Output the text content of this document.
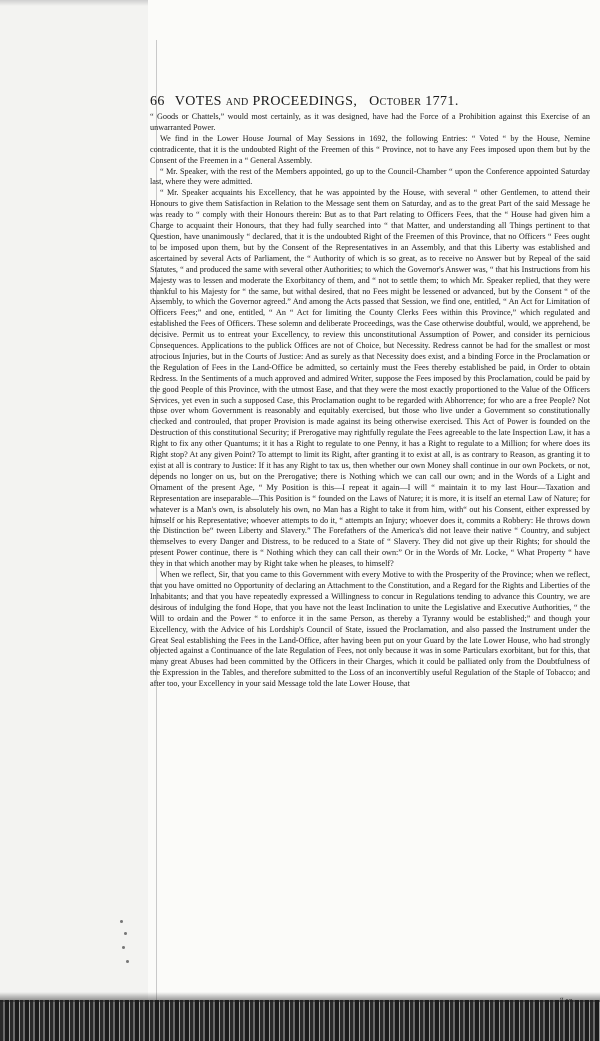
66 VOTES and PROCEEDINGS, October 1771.

“ Goods or Chattels,” would most certainly, as it was designed, have had the Force of a Prohibition against this Exercise of an unwarranted Power.

We find in the Lower House Journal of May Sessions in 1692, the following Entries: “ Voted “ by the House, Nemine contradicente, that it is the undoubted Right of the Freemen of this “ Province, not to have any Fees imposed upon them but by the Consent of the Freemen in a “ General Assembly.

“ Mr. Speaker, with the rest of the Members appointed, go up to the Council-Chamber “ upon the Conference appointed Saturday last, where they were admitted.

“ Mr. Speaker acquaints his Excellency, that he was appointed by the House, with several “ other Gentlemen, to attend their Honours to give them Satisfaction in Relation to the Message sent them on Saturday, and as to the great Part of the said Message he was ready to “ comply with their Honours therein: But as to that Part relating to Officers Fees, that the “ House had given him a Charge to acquaint their Honours, that they had fully searched into “ that Matter, and understanding all Things pertinent to that Question, have unanimously “ declared, that it is the undoubted Right of the Freemen of this Province, that no Officers “ Fees ought to be imposed upon them, but by the Consent of the Representatives in an Assembly, and that this Liberty was established and ascertained by several Acts of Parliament, the “ Authority of which is so great, as to receive no Answer but by Repeal of the said Statutes, “ and produced the same with several other Authorities; to which the Governor's Answer was, “ that his Instructions from his Majesty was to lessen and moderate the Exorbitancy of them, and “ not to settle them; to which Mr. Speaker replied, that they were thankful to his Majesty for “ the same, but withal desired, that no Fees might be lessened or advanced, but by the Consent “ of the Assembly, to which the Governor agreed.” And among the Acts passed that Session, we find one, entitled, “ An Act for Limitation of Officers Fees;” and one, entitled, “ An “ Act for limiting the County Clerks Fees within this Province,” which regulated and established the Fees of Officers. These solemn and deliberate Proceedings, was the Case otherwise doubtful, would, we apprehend, be decisive. Permit us to entreat your Excellency, to review this unconstitutional Assumption of Power, and consider its pernicious Consequences. Applications to the publick Offices are not of Choice, but Necessity. Redress cannot be had for the smallest or most atrocious Injuries, but in the Courts of Justice: And as surely as that Necessity does exist, and a binding Force in the Proclamation or the Regulation of Fees in the Land-Office be admitted, so certainly must the Fees thereby established be paid, in Order to obtain Redress. In the Sentiments of a much approved and admired Writer, suppose the Fees imposed by this Proclamation, could be paid by the good People of this Province, with the utmost Ease, and that they were the most exactly proportioned to the Value of the Officers Services, yet even in such a supposed Case, this Proclamation ought to be regarded with Abhorrence; for who are a free People? Not those over whom Government is reasonably and equitably exercised, but those who live under a Government so constitutionally checked and controuled, that proper Provision is made against its being otherwise exercised. This Act of Power is founded on the Destruction of this constitutional Security; if Prerogative may rightfully regulate the Fees agreeable to the late Inspection Law, it has a Right to fix any other Quantums; it it has a Right to regulate to one Penny, it has a Right to regulate to a Million; for where does its Right stop? At any given Point? To attempt to limit its Right, after granting it to exist at all, is as contrary to Reason, as granting it to exist at all is contrary to Justice: If it has any Right to tax us, then whether our own Money shall continue in our own Pockets, or not, depends no longer on us, but on the Prerogative; there is Nothing which we can call our own; and in the Words of a Light and Ornament of the present Age, “ My Position is this—I repeat it again—I will “ maintain it to my last Hour—Taxation and Representation are inseparable—This Position is “ founded on the Laws of Nature; it is more, it is itself an eternal Law of Nature; for whatever is a Man's own, is absolutely his own, no Man has a Right to take it from him, with“ out his Consent, either expressed by himself or his Representative; whoever attempts to do it, “ attempts an Injury; whoever does it, commits a Robbery: He throws down the Distinction be“ tween Liberty and Slavery.” The Forefathers of the America's did not leave their native “ Country, and subject themselves to every Danger and Distress, to be reduced to a State of “ Slavery. They did not give up their Rights; for should the present Power continue, there is “ Nothing which they can call their own:” Or in the Words of Mr. Locke, “ What Property “ have they in that which another may by Right take when he pleases, to himself?

When we reflect, Sir, that you came to this Government with every Motive to with the Prosperity of the Province; when we reflect, that you have omitted no Opportunity of declaring an Attachment to the Constitution, and a Regard for the Rights and Liberties of the Inhabitants; and that you have repeatedly expressed a Willingness to concur in Regulations tending to advance this Country, we are desirous of indulging the fond Hope, that you have not the least Inclination to unite the Legislative and Executive Authorities, “ the Will to ordain and the Power “ to enforce it in the same Person, as thereby a Tyranny would be established;” and though your Excellency, with the Advice of his Lordship's Council of State, issued the Proclamation, and also passed the Instrument under the Great Seal establishing the Fees in the Land-Office, after having been put on your Guard by the late Lower House, who had strongly objected against a Continuance of the late Regulation of Fees, not only because it was in some Particulars exorbitant, but for this, that many great Abuses had been committed by the Officers in their Charges, which it could be palliated only from the Doubtfulness of the Expression in the Tables, and therefore submitted to the Loss of an inconvertibly useful Regulation of the Staple of Tobacco; and after too, your Excellency in your said Message told the late Lower House, that
